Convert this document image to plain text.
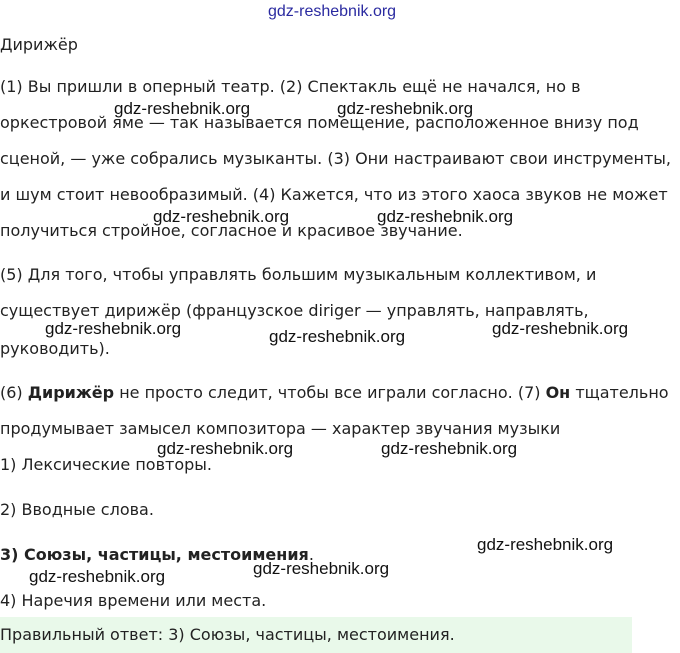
gdz-reshebnik.org
Дирижёр
(1) Вы пришли в оперный театр. (2) Спектакль ещё не начался, но в
оркестровой яме — так называется помещение, расположенное внизу под
сценой, — уже собрались музыканты. (3) Они настраивают свои инструменты,
и шум стоит невообразимый. (4) Кажется, что из этого хаоса звуков не может
получиться стройное, согласное и красивое звучание.
(5) Для того, чтобы управлять большим музыкальным коллективом, и
существует дирижёр (французское diriger — управлять, направлять,
руководить).
(6) Дирижёр не просто следит, чтобы все играли согласно. (7) Он тщательно
продумывает замысел композитора — характер звучания музыки
1) Лексические повторы.
2) Вводные слова.
3) Союзы, частицы, местоимения.
4) Наречия времени или места.
Правильный ответ: 3) Союзы, частицы, местоимения.
gdz-reshebnik.org	gdz-reshebnik.org
gdz-reshebnik.org	gdz-reshebnik.org
gdz-reshebnik.org	gdz-reshebnik.org
gdz-reshebnik.org
gdz-reshebnik.org	gdz-reshebnik.org
gdz-reshebnik.org
gdz-reshebnik.org
gdz-reshebnik.org
